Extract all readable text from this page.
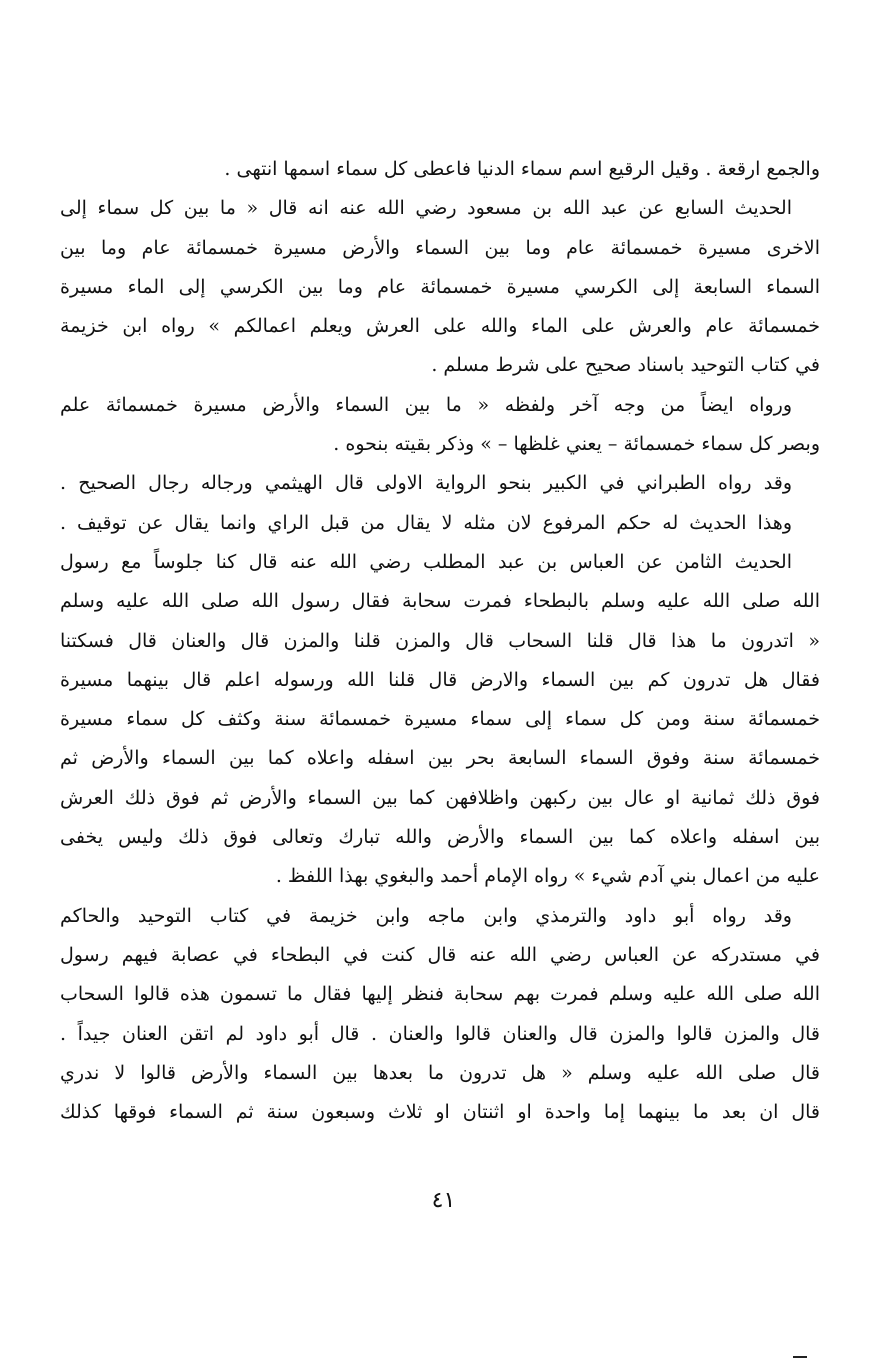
والجمع ارقعة . وقيل الرقيع اسم سماء الدنيا فاعطى كل سماء اسمها انتهى .
الحديث السابع عن عبد الله بن مسعود رضي الله عنه انه قال « ما بين كل سماء إلى
الاخرى مسيرة خمسمائة عام وما بين السماء والأرض مسيرة خمسمائة عام وما بين
السماء السابعة إلى الكرسي مسيرة خمسمائة عام وما بين الكرسي إلى الماء مسيرة
خمسمائة عام والعرش على الماء والله على العرش ويعلم اعمالكم » رواه ابن خزيمة
في كتاب التوحيد باسناد صحيح على شرط مسلم .
ورواه ايضاً من وجه آخر ولفظه « ما بين السماء والأرض مسيرة خمسمائة علم
وبصر كل سماء خمسمائة – يعني غلظها – » وذكر بقيته بنحوه .
وقد رواه الطبراني في الكبير بنحو الرواية الاولى قال الهيثمي ورجاله رجال الصحيح .
وهذا الحديث له حكم المرفوع لان مثله لا يقال من قبل الراي وانما يقال عن توقيف .
الحديث الثامن عن العباس بن عبد المطلب رضي الله عنه قال كنا جلوساً مع رسول
الله صلى الله عليه وسلم بالبطحاء فمرت سحابة فقال رسول الله صلى الله عليه وسلم
« اتدرون ما هذا قال قلنا السحاب قال والمزن قلنا والمزن قال والعنان قال فسكتنا
فقال هل تدرون كم بين السماء والارض قال قلنا الله ورسوله اعلم قال بينهما مسيرة
خمسمائة سنة ومن كل سماء إلى سماء مسيرة خمسمائة سنة وكثف كل سماء مسيرة
خمسمائة سنة وفوق السماء السابعة بحر بين اسفله واعلاه كما بين السماء والأرض ثم
فوق ذلك ثمانية او عال بين ركبهن واظلافهن كما بين السماء والأرض ثم فوق ذلك العرش
بين اسفله واعلاه كما بين السماء والأرض والله تبارك وتعالى فوق ذلك وليس يخفى
عليه من اعمال بني آدم شيء » رواه الإمام أحمد والبغوي بهذا اللفظ .
وقد رواه أبو داود والترمذي وابن ماجه وابن خزيمة في كتاب التوحيد والحاكم
في مستدركه عن العباس رضي الله عنه قال كنت في البطحاء في عصابة فيهم رسول
الله صلى الله عليه وسلم فمرت بهم سحابة فنظر إليها فقال ما تسمون هذه قالوا السحاب
قال والمزن قالوا والمزن قال والعنان قالوا والعنان . قال أبو داود لم اتقن العنان جيداً .
قال صلى الله عليه وسلم « هل تدرون ما بعدها بين السماء والأرض قالوا لا ندري
قال ان بعد ما بينهما إما واحدة او اثنتان او ثلاث وسبعون سنة ثم السماء فوقها كذلك
٤١
